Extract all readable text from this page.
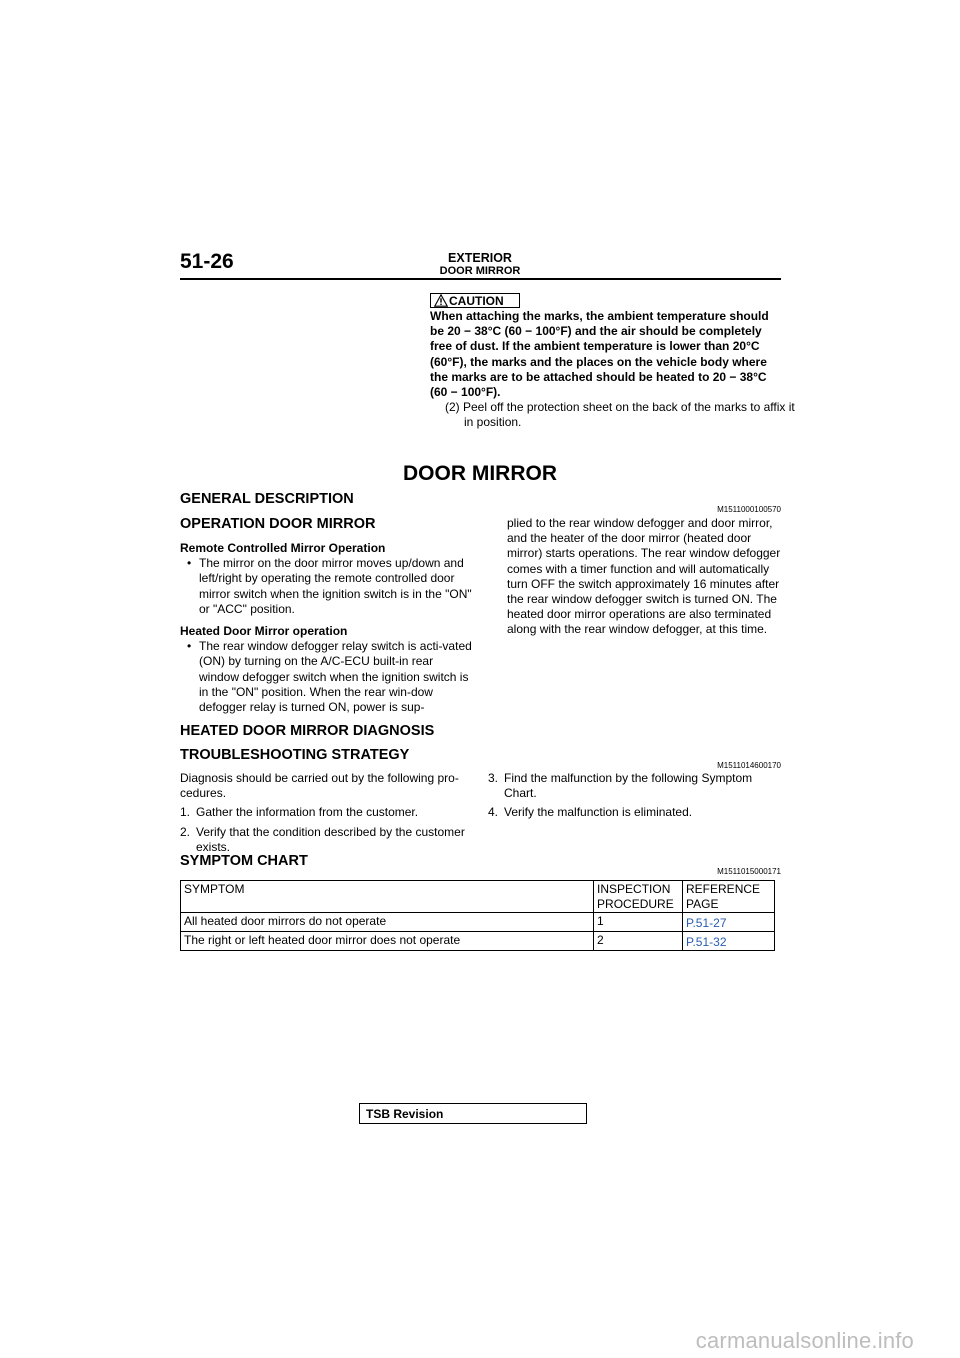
51-26	EXTERIOR
DOOR MIRROR
CAUTION
When attaching the marks, the ambient temperature should be 20 − 38°C (60 − 100°F) and the air should be completely free of dust. If the ambient temperature is lower than 20°C (60°F), the marks and the places on the vehicle body where the marks are to be attached should be heated to 20 − 38°C (60 − 100°F).
(2) Peel off the protection sheet on the back of the marks to affix it in position.
DOOR MIRROR
GENERAL DESCRIPTION
M1511000100570
OPERATION DOOR MIRROR
Remote Controlled Mirror Operation
• The mirror on the door mirror moves up/down and left/right by operating the remote controlled door mirror switch when the ignition switch is in the "ON" or "ACC" position.
Heated Door Mirror operation
• The rear window defogger relay switch is acti-vated (ON) by turning on the A/C-ECU built-in rear window defogger switch when the ignition switch is in the "ON" position. When the rear win-dow defogger relay is turned ON, power is sup-
plied to the rear window defogger and door mirror, and the heater of the door mirror (heated door mirror) starts operations. The rear window defogger comes with a timer function and will automatically turn OFF the switch approximately 16 minutes after the rear window defogger switch is turned ON. The heated door mirror operations are also terminated along with the rear window defogger, at this time.
HEATED DOOR MIRROR DIAGNOSIS
TROUBLESHOOTING STRATEGY
M1511014600170
Diagnosis should be carried out by the following pro-cedures.
1. Gather the information from the customer.
2. Verify that the condition described by the customer exists.
3. Find the malfunction by the following Symptom Chart.
4. Verify the malfunction is eliminated.
SYMPTOM CHART
M1511015000171
SYMPTOM	INSPECTION PROCEDURE	REFERENCE PAGE
All heated door mirrors do not operate	1	P.51-27
The right or left heated door mirror does not operate	2	P.51-32
TSB Revision
carmanualsonline.info
